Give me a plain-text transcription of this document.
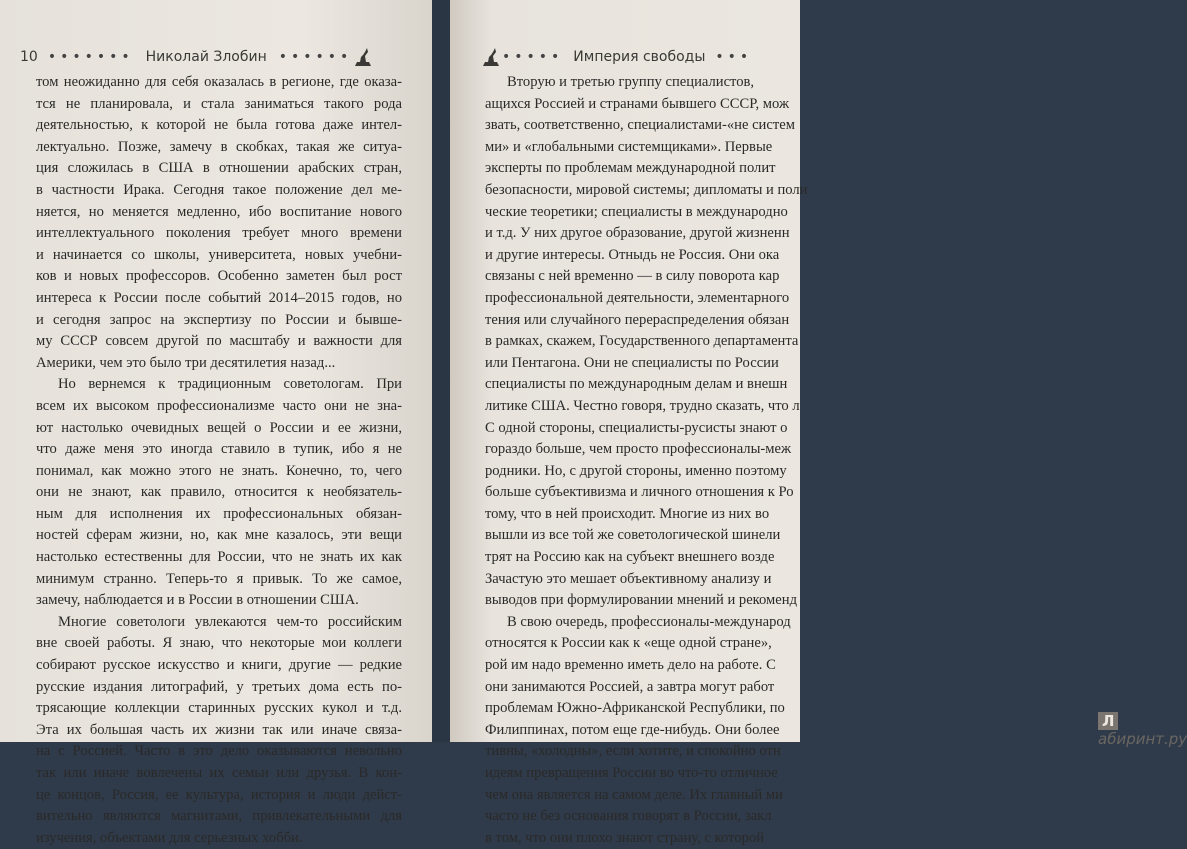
10 ••••••• Николай Злобин ••••••
том неожиданно для себя оказалась в регионе, где оказа-
тся не планировала, и стала заниматься такого рода
деятельностью, к которой не была готова даже интел-
лектуально. Позже, замечу в скобках, такая же ситуа-
ция сложилась в США в отношении арабских стран,
в частности Ирака. Сегодня такое положение дел ме-
няется, но меняется медленно, ибо воспитание нового
интеллектуального поколения требует много времени
и начинается со школы, университета, новых учебни-
ков и новых профессоров. Особенно заметен был рост
интереса к России после событий 2014–2015 годов, но
и сегодня запрос на экспертизу по России и бывше-
му СССР совсем другой по масштабу и важности для
Америки, чем это было три десятилетия назад...
Но вернемся к традиционным советологам. При
всем их высоком профессионализме часто они не зна-
ют настолько очевидных вещей о России и ее жизни,
что даже меня это иногда ставило в тупик, ибо я не
понимал, как можно этого не знать. Конечно, то, чего
они не знают, как правило, относится к необязатель-
ным для исполнения их профессиональных обязан-
ностей сферам жизни, но, как мне казалось, эти вещи
настолько естественны для России, что не знать их как
минимум странно. Теперь-то я привык. То же самое,
замечу, наблюдается и в России в отношении США.
Многие советологи увлекаются чем-то российским
вне своей работы. Я знаю, что некоторые мои коллеги
собирают русское искусство и книги, другие — редкие
русские издания литографий, у третьих дома есть по-
трясающие коллекции старинных русских кукол и т.д.
Эта их большая часть их жизни так или иначе связа-
на с Россией. Часто в это дело оказываются невольно
так или иначе вовлечены их семьи или друзья. В кон-
це концов, Россия, ее культура, история и люди дейст-
вительно являются магнитами, привлекательными для
изучения, объектами для серьезных хобби.
••••• Империя свободы •••
Вторую и третью группу специалистов,
ащихся Россией и странами бывшего СССР, мож
звать, соответственно, специалистами-«не систем
ми» и «глобальными системщиками». Первые
эксперты по проблемам международной полит
безопасности, мировой системы; дипломаты и поли
ческие теоретики; специалисты в международно
и т.д. У них другое образование, другой жизненн
и другие интересы. Отныдь не Россия. Они ока
связаны с ней временно — в силу поворота кар
профессиональной деятельности, элементарного
тения или случайного перераспределения обязан
в рамках, скажем, Государственного департамента
или Пентагона. Они не специалисты по России
специалисты по международным делам и внешн
литике США. Честно говоря, трудно сказать, что л
С одной стороны, специалисты-русисты знают о
гораздо больше, чем просто профессионалы-меж
родники. Но, с другой стороны, именно поэтому
больше субъективизма и личного отношения к Ро
тому, что в ней происходит. Многие из них во
вышли из все той же советологической шинели
трят на Россию как на субъект внешнего возде
Зачастую это мешает объективному анализу и
выводов при формулировании мнений и рекоменд
В свою очередь, профессионалы-международ
относятся к России как к «еще одной стране»,
рой им надо временно иметь дело на работе. С
они занимаются Россией, а завтра могут работ
проблемам Южно-Африканской Республики, по
Филиппинах, потом еще где-нибудь. Они более
тивны, «холодны», если хотите, и спокойно отн
идеям превращения России во что-то отличное
чем она является на самом деле. Их главный ми
часто не без основания говорят в России, закл
в том, что они плохо знают страну, с которой
Лабиринт.ру
